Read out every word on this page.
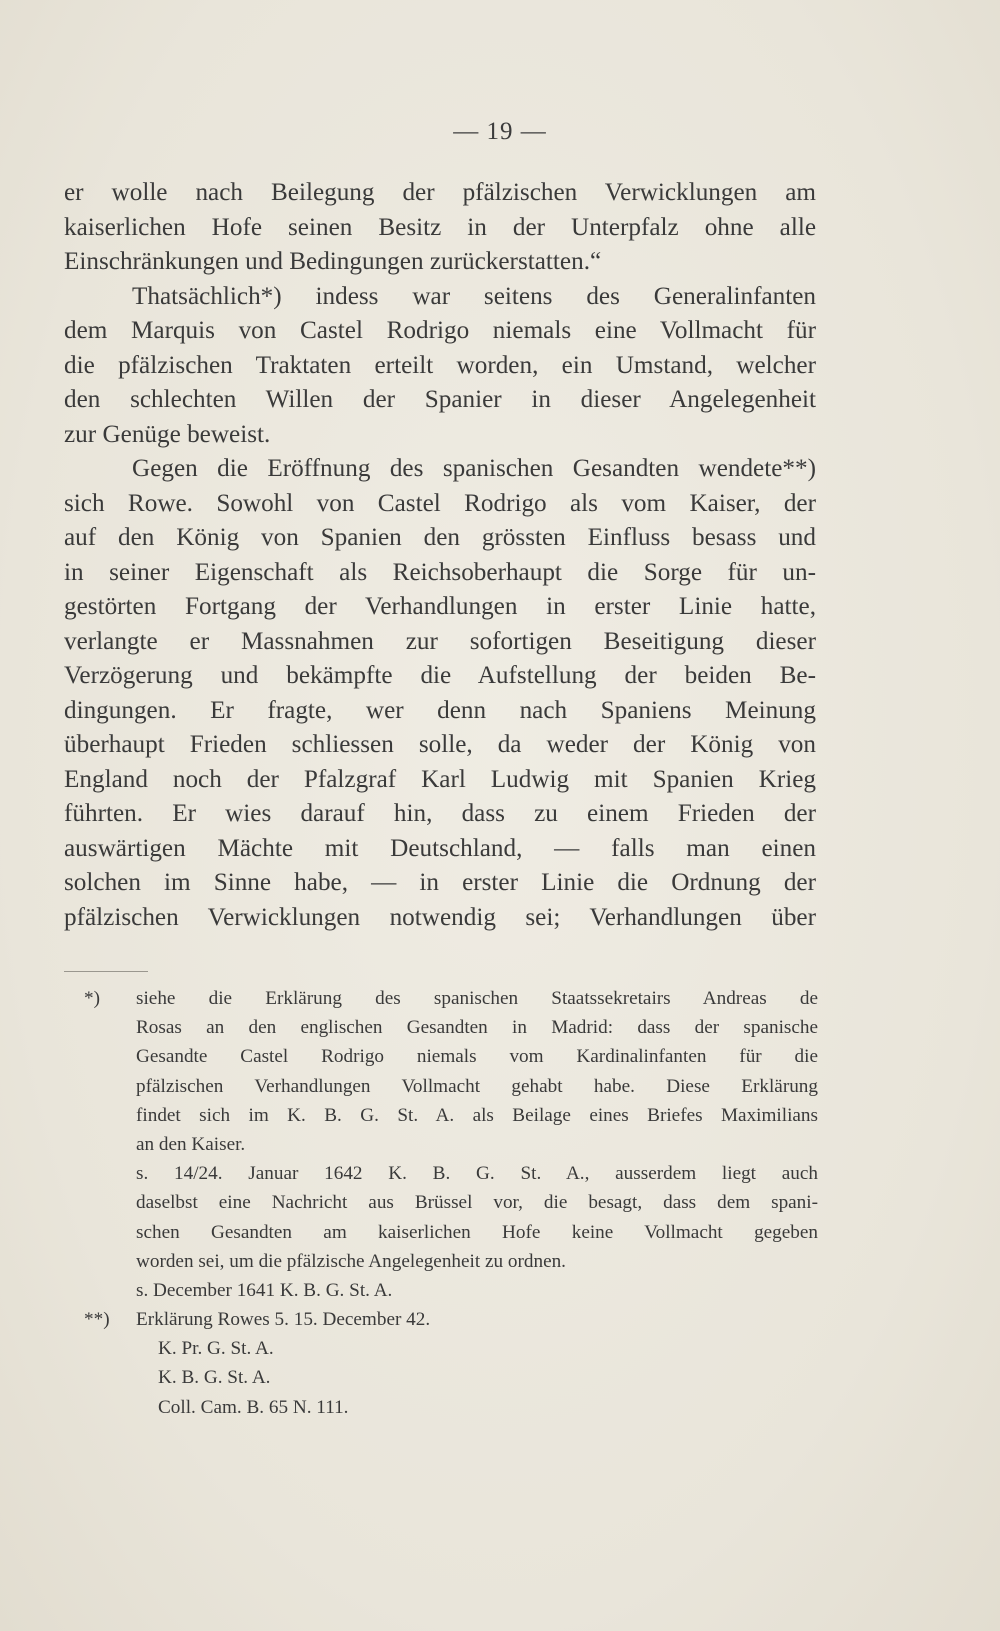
— 19 —
er wolle nach Beilegung der pfälzischen Verwicklungen am
kaiserlichen Hofe seinen Besitz in der Unterpfalz ohne alle
Einschränkungen und Bedingungen zurückerstatten.“
Thatsächlich*) indess war seitens des Generalinfanten
dem Marquis von Castel Rodrigo niemals eine Vollmacht für
die pfälzischen Traktaten erteilt worden, ein Umstand, welcher
den schlechten Willen der Spanier in dieser Angelegenheit
zur Genüge beweist.
Gegen die Eröffnung des spanischen Gesandten wendete**)
sich Rowe. Sowohl von Castel Rodrigo als vom Kaiser, der
auf den König von Spanien den grössten Einfluss besass und
in seiner Eigenschaft als Reichsoberhaupt die Sorge für un-
gestörten Fortgang der Verhandlungen in erster Linie hatte,
verlangte er Massnahmen zur sofortigen Beseitigung dieser
Verzögerung und bekämpfte die Aufstellung der beiden Be-
dingungen. Er fragte, wer denn nach Spaniens Meinung
überhaupt Frieden schliessen solle, da weder der König von
England noch der Pfalzgraf Karl Ludwig mit Spanien Krieg
führten. Er wies darauf hin, dass zu einem Frieden der
auswärtigen Mächte mit Deutschland, — falls man einen
solchen im Sinne habe, — in erster Linie die Ordnung der
pfälzischen Verwicklungen notwendig sei; Verhandlungen über
*) siehe die Erklärung des spanischen Staatssekretairs Andreas de
Rosas an den englischen Gesandten in Madrid: dass der spanische
Gesandte Castel Rodrigo niemals vom Kardinalinfanten für die
pfälzischen Verhandlungen Vollmacht gehabt habe. Diese Erklärung
findet sich im K. B. G. St. A. als Beilage eines Briefes Maximilians
an den Kaiser.
s. 14/24. Januar 1642 K. B. G. St. A., ausserdem liegt auch
daselbst eine Nachricht aus Brüssel vor, die besagt, dass dem spani-
schen Gesandten am kaiserlichen Hofe keine Vollmacht gegeben
worden sei, um die pfälzische Angelegenheit zu ordnen.
s. December 1641 K. B. G. St. A.
**) Erklärung Rowes 5. 15. December 42.
K. Pr. G. St. A.
K. B. G. St. A.
Coll. Cam. B. 65 N. 111.
